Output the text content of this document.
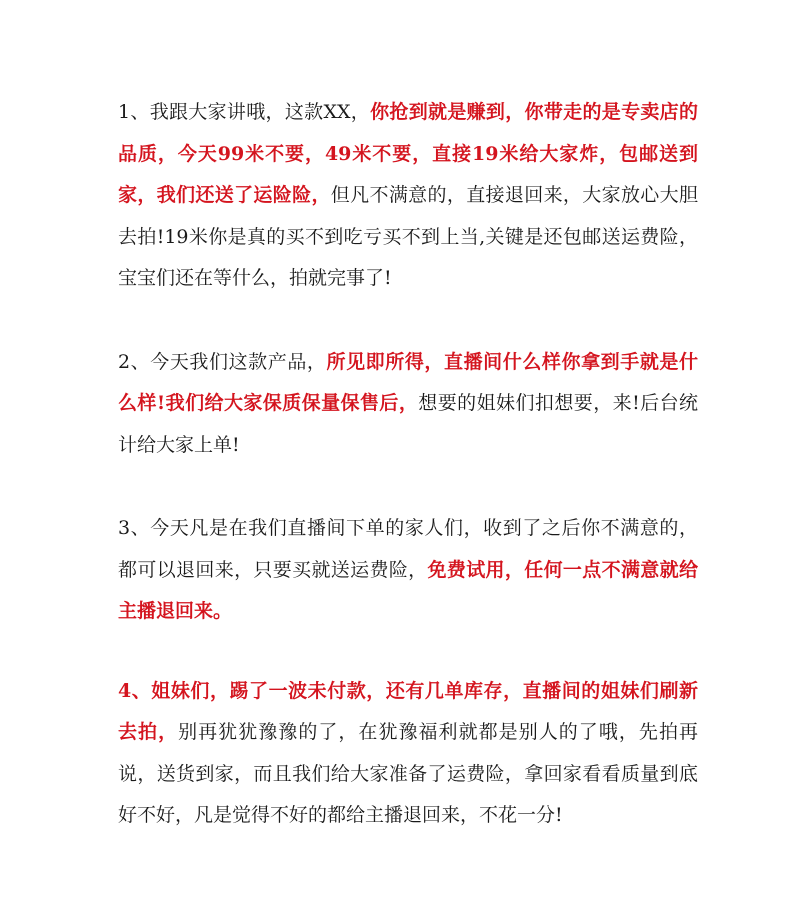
1、我跟大家讲哦，这款XX，你抢到就是赚到，你带走的是专卖店的品质，今天99米不要，49米不要，直接19米给大家炸，包邮送到家，我们还送了运险险，但凡不满意的，直接退回来，大家放心大胆去拍!19米你是真的买不到吃亏买不到上当,关键是还包邮送运费险，宝宝们还在等什么，拍就完事了!

2、今天我们这款产品，所见即所得，直播间什么样你拿到手就是什么样!我们给大家保质保量保售后，想要的姐妹们扣想要，来!后台统计给大家上单!

3、今天凡是在我们直播间下单的家人们，收到了之后你不满意的，都可以退回来，只要买就送运费险，免费试用，任何一点不满意就给主播退回来。

4、姐妹们，踢了一波未付款，还有几单库存，直播间的姐妹们刷新去拍，别再犹犹豫豫的了，在犹豫福利就都是别人的了哦，先拍再说，送货到家，而且我们给大家准备了运费险，拿回家看看质量到底好不好，凡是觉得不好的都给主播退回来，不花一分!
